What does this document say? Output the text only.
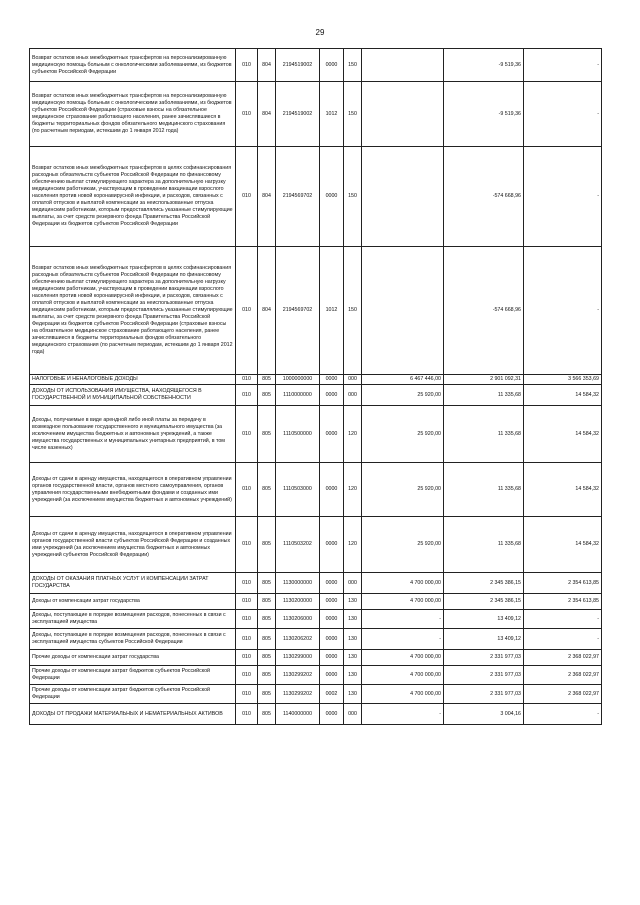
29
Возврат остатков иных межбюджетных трансфертов на персонализированную медицинскую помощь больным с онкологическими заболеваниями, из бюджетов субъектов Российской Федерации	010	804	2194519002	0000	150		-9 519,36	-
Возврат остатков иных межбюджетных трансфертов на персонализированную медицинскую помощь больным с онкологическими заболеваниями, из бюджетов субъектов Российской Федерации (страховые взносы на обязательное медицинское страхование работающего населения, ранее зачислявшиеся в бюджеты территориальных фондов обязательного медицинского страхования (по расчетным периодам, истекшим до 1 января 2012 года)	010	804	2194519002	1012	150		-9 519,36	-
Возврат остатков иных межбюджетных трансфертов в целях софинансирования расходных обязательств субъектов Российской Федерации по финансовому обеспечению выплат стимулирующего характера за дополнительную нагрузку медицинским работникам, участвующим в проведении вакцинации взрослого населения против новой коронавирусной инфекции, и расходов, связанных с оплатой отпусков и выплатой компенсации за неиспользованные отпуска медицинским работникам, которым предоставлялись указанные стимулирующие выплаты, за счет средств резервного фонда Правительства Российской Федерации из бюджетов субъектов Российской Федерации	010	804	2194569702	0000	150		-574 668,96	-
Возврат остатков иных межбюджетных трансфертов в целях софинансирования расходных обязательств субъектов Российской Федерации по финансовому обеспечению выплат стимулирующего характера за дополнительную нагрузку медицинским работникам, участвующим в проведении вакцинации взрослого населения против новой коронавирусной инфекции, и расходов, связанных с оплатой отпусков и выплатой компенсации за неиспользованные отпуска медицинским работникам, которым предоставлялись указанные стимулирующие выплаты, за счет средств резервного фонда Правительства Российской Федерации из бюджетов субъектов Российской Федерации (страховые взносы на обязательное медицинское страхование работающего населения, ранее зачислявшиеся в бюджеты территориальных фондов обязательного медицинского страхования (по расчетным периодам, истекшим до 1 января 2012 года)	010	804	2194569702	1012	150		-574 668,96	-
НАЛОГОВЫЕ И НЕНАЛОГОВЫЕ ДОХОДЫ	010	805	1000000000	0000	000	6 467 446,00	2 901 092,31	3 566 353,69
ДОХОДЫ ОТ ИСПОЛЬЗОВАНИЯ ИМУЩЕСТВА, НАХОДЯЩЕГОСЯ В ГОСУДАРСТВЕННОЙ И МУНИЦИПАЛЬНОЙ СОБСТВЕННОСТИ	010	805	1110000000	0000	000	25 920,00	11 335,68	14 584,32
Доходы, получаемые в виде арендной либо иной платы за передачу в возмездное пользование государственного и муниципального имущества (за исключением имущества бюджетных и автономных учреждений, а также имущества государственных и муниципальных унитарных предприятий, в том числе казенных)	010	805	1110500000	0000	120	25 920,00	11 335,68	14 584,32
Доходы от сдачи в аренду имущества, находящегося в оперативном управлении органов государственной власти, органов местного самоуправления, органов управления государственными внебюджетными фондами и созданных ими учреждений (за исключением имущества бюджетных и автономных учреждений)	010	805	1110503000	0000	120	25 920,00	11 335,68	14 584,32
Доходы от сдачи в аренду имущества, находящегося в оперативном управлении органов государственной власти субъектов Российской Федерации и созданных ими учреждений (за исключением имущества бюджетных и автономных учреждений субъектов Российской Федерации)	010	805	1110503202	0000	120	25 920,00	11 335,68	14 584,32
ДОХОДЫ ОТ ОКАЗАНИЯ ПЛАТНЫХ УСЛУГ И КОМПЕНСАЦИИ ЗАТРАТ ГОСУДАРСТВА	010	805	1130000000	0000	000	4 700 000,00	2 345 386,15	2 354 613,85
Доходы от компенсации затрат государства	010	805	1130200000	0000	130	4 700 000,00	2 345 386,15	2 354 613,85
Доходы, поступающие в порядке возмещения расходов, понесенных в связи с эксплуатацией имущества	010	805	1130206000	0000	130	-	13 409,12	-
Доходы, поступающие в порядке возмещения расходов, понесенных в связи с эксплуатацией имущества субъектов Российской Федерации	010	805	1130206202	0000	130	-	13 409,12	-
Прочие доходы от компенсации затрат государства	010	805	1130299000	0000	130	4 700 000,00	2 331 977,03	2 368 022,97
Прочие доходы от компенсации затрат бюджетов субъектов Российской Федерации	010	805	1130299202	0000	130	4 700 000,00	2 331 977,03	2 368 022,97
Прочие доходы от компенсации затрат бюджетов субъектов Российской Федерации	010	805	1130299202	0002	130	4 700 000,00	2 331 977,03	2 368 022,97
ДОХОДЫ ОТ ПРОДАЖИ МАТЕРИАЛЬНЫХ И НЕМАТЕРИАЛЬНЫХ АКТИВОВ	010	805	1140000000	0000	000	-	3 004,16	-
